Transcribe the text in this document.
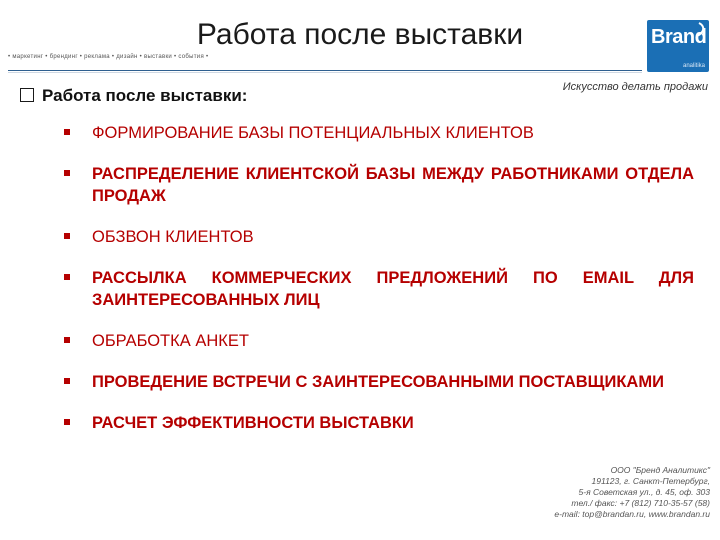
Работа после выставки
• маркетинг • брендинг • реклама • дизайн • выставки • события •
Brand
analitika
Искусство делать продажи
Работа после выставки:
ФОРМИРОВАНИЕ БАЗЫ ПОТЕНЦИАЛЬНЫХ КЛИЕНТОВ
РАСПРЕДЕЛЕНИЕ КЛИЕНТСКОЙ БАЗЫ МЕЖДУ РАБОТНИКАМИ ОТДЕЛА ПРОДАЖ
ОБЗВОН КЛИЕНТОВ
РАССЫЛКА КОММЕРЧЕСКИХ ПРЕДЛОЖЕНИЙ ПО EMAIL ДЛЯ ЗАИНТЕРЕСОВАННЫХ ЛИЦ
ОБРАБОТКА АНКЕТ
ПРОВЕДЕНИЕ ВСТРЕЧИ С ЗАИНТЕРЕСОВАННЫМИ ПОСТАВЩИКАМИ
РАСЧЕТ ЭФФЕКТИВНОСТИ ВЫСТАВКИ
ООО "Бренд Аналитикс"
191123, г. Санкт-Петербург,
5-я Советская ул., д. 45, оф. 303
тел./ факс: +7 (812) 710-35-57 (58)
e-mail: top@brandan.ru, www.brandan.ru
